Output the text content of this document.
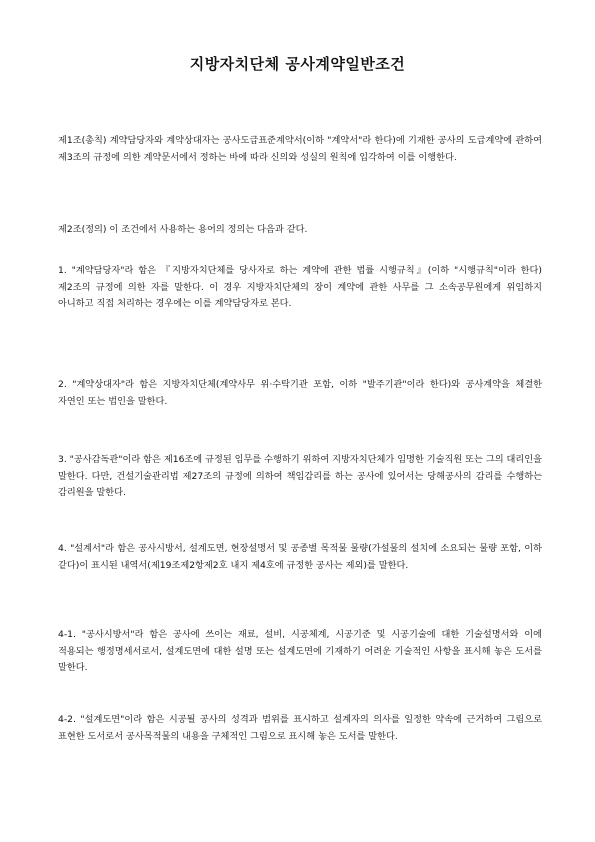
지방자치단체 공사계약일반조건

제1조(총칙) 계약담당자와 계약상대자는 공사도급표준계약서(이하 "계약서"라 한다)에 기재한 공사의 도급계약에 관하여 제3조의 규정에 의한 계약문서에서 정하는 바에 따라 신의와 성실의 원칙에 입각하여 이를 이행한다.

제2조(정의) 이 조건에서 사용하는 용어의 정의는 다음과 같다.

1. "계약담당자"라 함은 『지방자치단체를 당사자로 하는 계약에 관한 법률 시행규칙』(이하 "시행규칙"이라 한다) 제2조의 규정에 의한 자를 말한다. 이 경우 지방자치단체의 장이 계약에 관한 사무를 그 소속공무원에게 위임하지 아니하고 직접 처리하는 경우에는 이를 계약담당자로 본다.

2. "계약상대자"라 함은 지방자치단체(계약사무 위·수탁기관 포함, 이하 "발주기관"이라 한다)와 공사계약을 체결한 자연인 또는 법인을 말한다.

3. "공사감독관"이라 함은 제16조에 규정된 임무를 수행하기 위하여 지방자치단체가 임명한 기술직원 또는 그의 대리인을 말한다. 다만, 건설기술관리법 제27조의 규정에 의하여 책임감리를 하는 공사에 있어서는 당해공사의 감리를 수행하는 감리원을 말한다.

4. "설계서"라 함은 공사시방서, 설계도면, 현장설명서 및 공종별 목적물 물량(가설물의 설치에 소요되는 물량 포함, 이하 같다)이 표시된 내역서(제19조제2항제2호 내지 제4호에 규정한 공사는 제외)를 말한다.

4-1. "공사시방서"라 함은 공사에 쓰이는 재료, 설비, 시공체계, 시공기준 및 시공기술에 대한 기술설명서와 이에 적용되는 행정명세서로서, 설계도면에 대한 설명 또는 설계도면에 기재하기 어려운 기술적인 사항을 표시해 놓은 도서를 말한다.

4-2. "설계도면"이라 함은 시공될 공사의 성격과 범위를 표시하고 설계자의 의사를 일정한 약속에 근거하여 그림으로 표현한 도서로서 공사목적물의 내용을 구체적인 그림으로 표시해 놓은 도서를 말한다.
